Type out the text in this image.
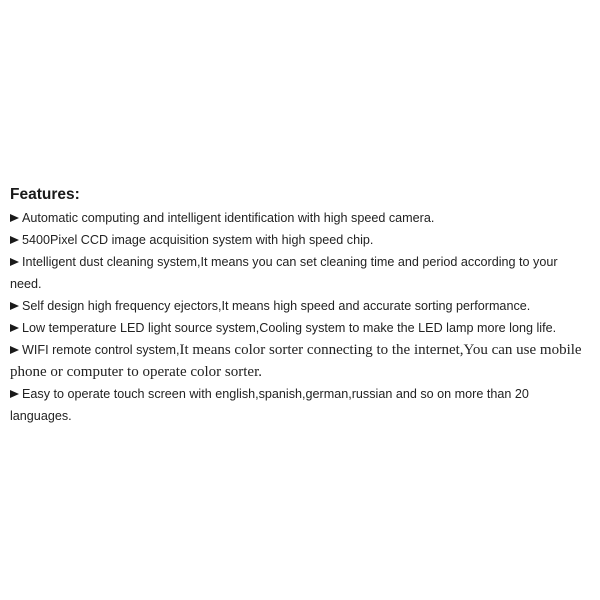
Features:
Automatic computing and intelligent identification with high speed camera.
5400Pixel CCD image acquisition system with high speed chip.
Intelligent dust cleaning system,It means you can set cleaning time and period according to your need.
Self design high frequency ejectors,It means high speed and accurate sorting performance.
Low temperature LED light source system,Cooling system to make the LED lamp more long life.
WIFI remote control system,It means color sorter connecting to the internet,You can use mobile phone or computer to operate color sorter.
Easy to operate touch screen with english,spanish,german,russian and so on more than 20 languages.
